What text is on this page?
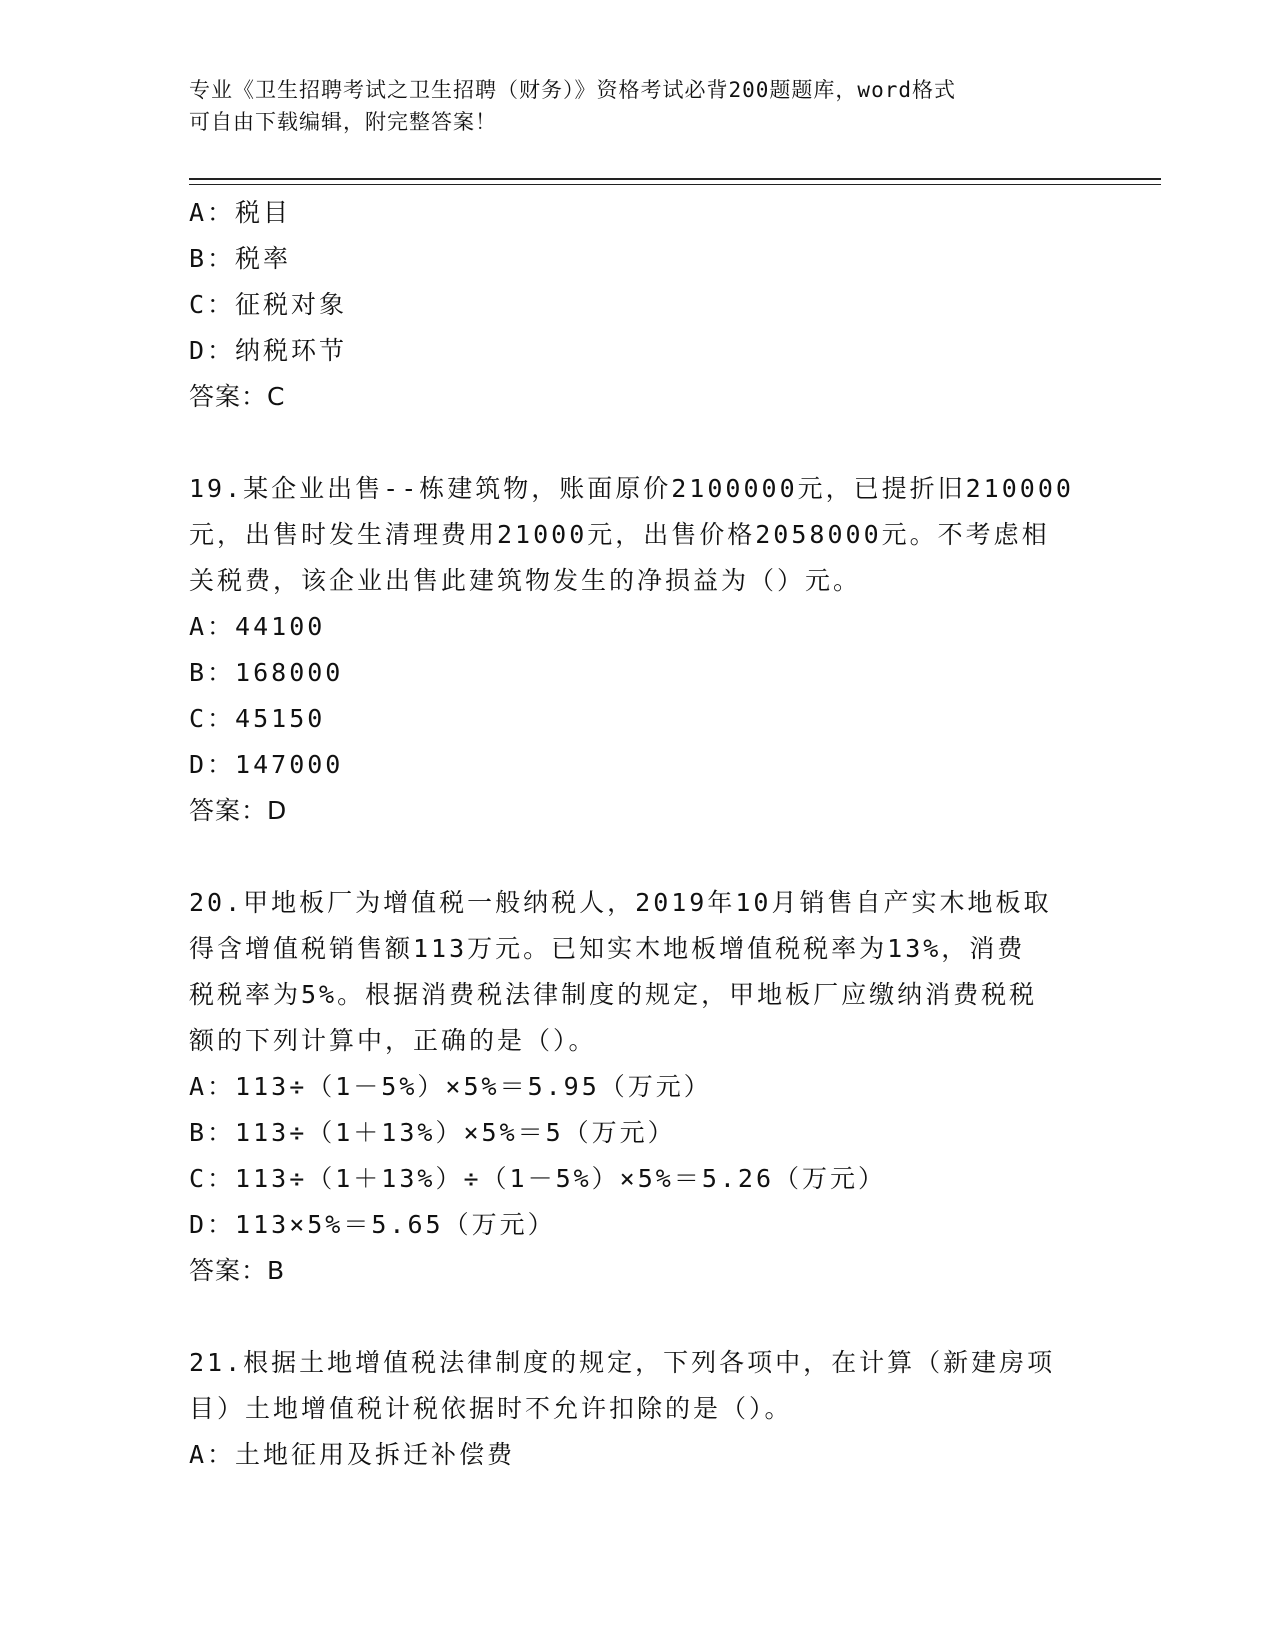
专业《卫生招聘考试之卫生招聘（财务）》资格考试必背200题题库，word格式
可自由下载编辑，附完整答案！
A：税目
B：税率
C：征税对象
D：纳税环节
答案：C
19.某企业出售--栋建筑物，账面原价2100000元，已提折旧210000
元，出售时发生清理费用21000元，出售价格2058000元。不考虑相
关税费，该企业出售此建筑物发生的净损益为（）元。
A：44100
B：168000
C：45150
D：147000
答案：D
20.甲地板厂为增值税一般纳税人，2019年10月销售自产实木地板取
得含增值税销售额113万元。已知实木地板增值税税率为13%，消费
税税率为5%。根据消费税法律制度的规定，甲地板厂应缴纳消费税税
额的下列计算中，正确的是（）。
A：113÷（1－5%）×5%＝5.95（万元）
B：113÷（1＋13%）×5%＝5（万元）
C：113÷（1＋13%）÷（1－5%）×5%＝5.26（万元）
D：113×5%＝5.65（万元）
答案：B
21.根据土地增值税法律制度的规定，下列各项中，在计算（新建房项
目）土地增值税计税依据时不允许扣除的是（）。
A：土地征用及拆迁补偿费
